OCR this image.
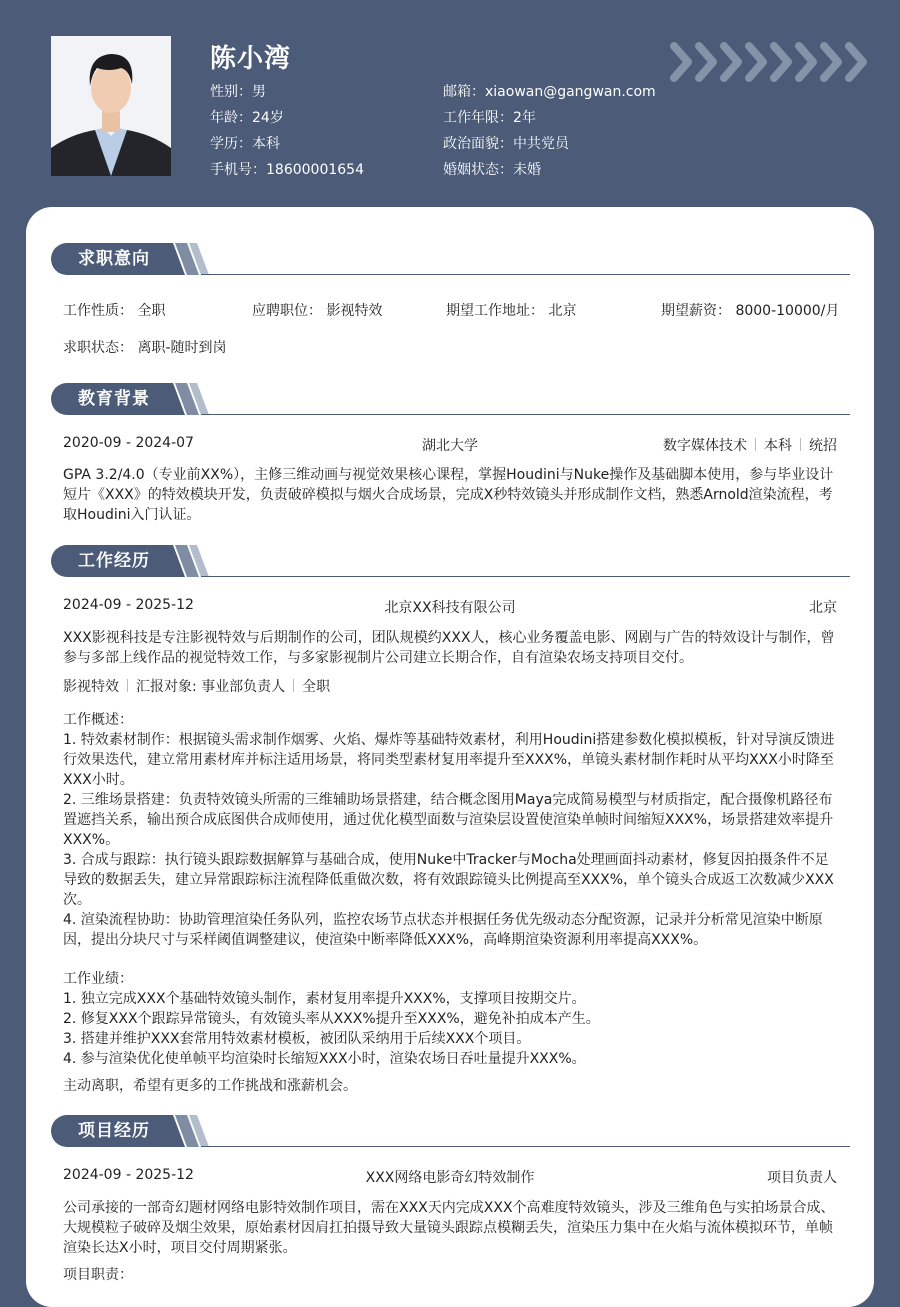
陈小湾
性别：男
年龄：24岁
学历：本科
手机号：18600001654
邮箱：xiaowan@gangwan.com
工作年限：2年
政治面貌：中共党员
婚姻状态：未婚
求职意向
工作性质： 全职	应聘职位： 影视特效	期望工作地址： 北京	期望薪资： 8000-10000/月
求职状态： 离职-随时到岗
教育背景
2020-09 - 2024-07	湖北大学	数字媒体技术 本科 统招
GPA 3.2/4.0（专业前XX%），主修三维动画与视觉效果核心课程，掌握Houdini与Nuke操作及基础脚本使用，参与毕业设计短片《XXX》的特效模块开发，负责破碎模拟与烟火合成场景，完成X秒特效镜头并形成制作文档，熟悉Arnold渲染流程，考取Houdini入门认证。
工作经历
2024-09 - 2025-12	北京XX科技有限公司	北京
XXX影视科技是专注影视特效与后期制作的公司，团队规模约XXX人，核心业务覆盖电影、网剧与广告的特效设计与制作，曾参与多部上线作品的视觉特效工作，与多家影视制片公司建立长期合作，自有渲染农场支持项目交付。
影视特效 汇报对象: 事业部负责人 全职
工作概述：
1. 特效素材制作：根据镜头需求制作烟雾、火焰、爆炸等基础特效素材，利用Houdini搭建参数化模拟模板，针对导演反馈进行效果迭代，建立常用素材库并标注适用场景，将同类型素材复用率提升至XXX%，单镜头素材制作耗时从平均XXX小时降至XXX小时。
2. 三维场景搭建：负责特效镜头所需的三维辅助场景搭建，结合概念图用Maya完成简易模型与材质指定，配合摄像机路径布置遮挡关系，输出预合成底图供合成师使用，通过优化模型面数与渲染层设置使渲染单帧时间缩短XXX%，场景搭建效率提升XXX%。
3. 合成与跟踪：执行镜头跟踪数据解算与基础合成，使用Nuke中Tracker与Mocha处理画面抖动素材，修复因拍摄条件不足导致的数据丢失，建立异常跟踪标注流程降低重做次数，将有效跟踪镜头比例提高至XXX%，单个镜头合成返工次数减少XXX次。
4. 渲染流程协助：协助管理渲染任务队列，监控农场节点状态并根据任务优先级动态分配资源，记录并分析常见渲染中断原因，提出分块尺寸与采样阈值调整建议，使渲染中断率降低XXX%，高峰期渲染资源利用率提高XXX%。
工作业绩：
1. 独立完成XXX个基础特效镜头制作，素材复用率提升XXX%，支撑项目按期交片。
2. 修复XXX个跟踪异常镜头，有效镜头率从XXX%提升至XXX%，避免补拍成本产生。
3. 搭建并维护XXX套常用特效素材模板，被团队采纳用于后续XXX个项目。
4. 参与渲染优化使单帧平均渲染时长缩短XXX小时，渲染农场日吞吐量提升XXX%。
主动离职，希望有更多的工作挑战和涨薪机会。
项目经历
2024-09 - 2025-12	XXX网络电影奇幻特效制作	项目负责人
公司承接的一部奇幻题材网络电影特效制作项目，需在XXX天内完成XXX个高难度特效镜头，涉及三维角色与实拍场景合成、大规模粒子破碎及烟尘效果，原始素材因肩扛拍摄导致大量镜头跟踪点模糊丢失，渲染压力集中在火焰与流体模拟环节，单帧渲染长达X小时，项目交付周期紧张。
项目职责：
